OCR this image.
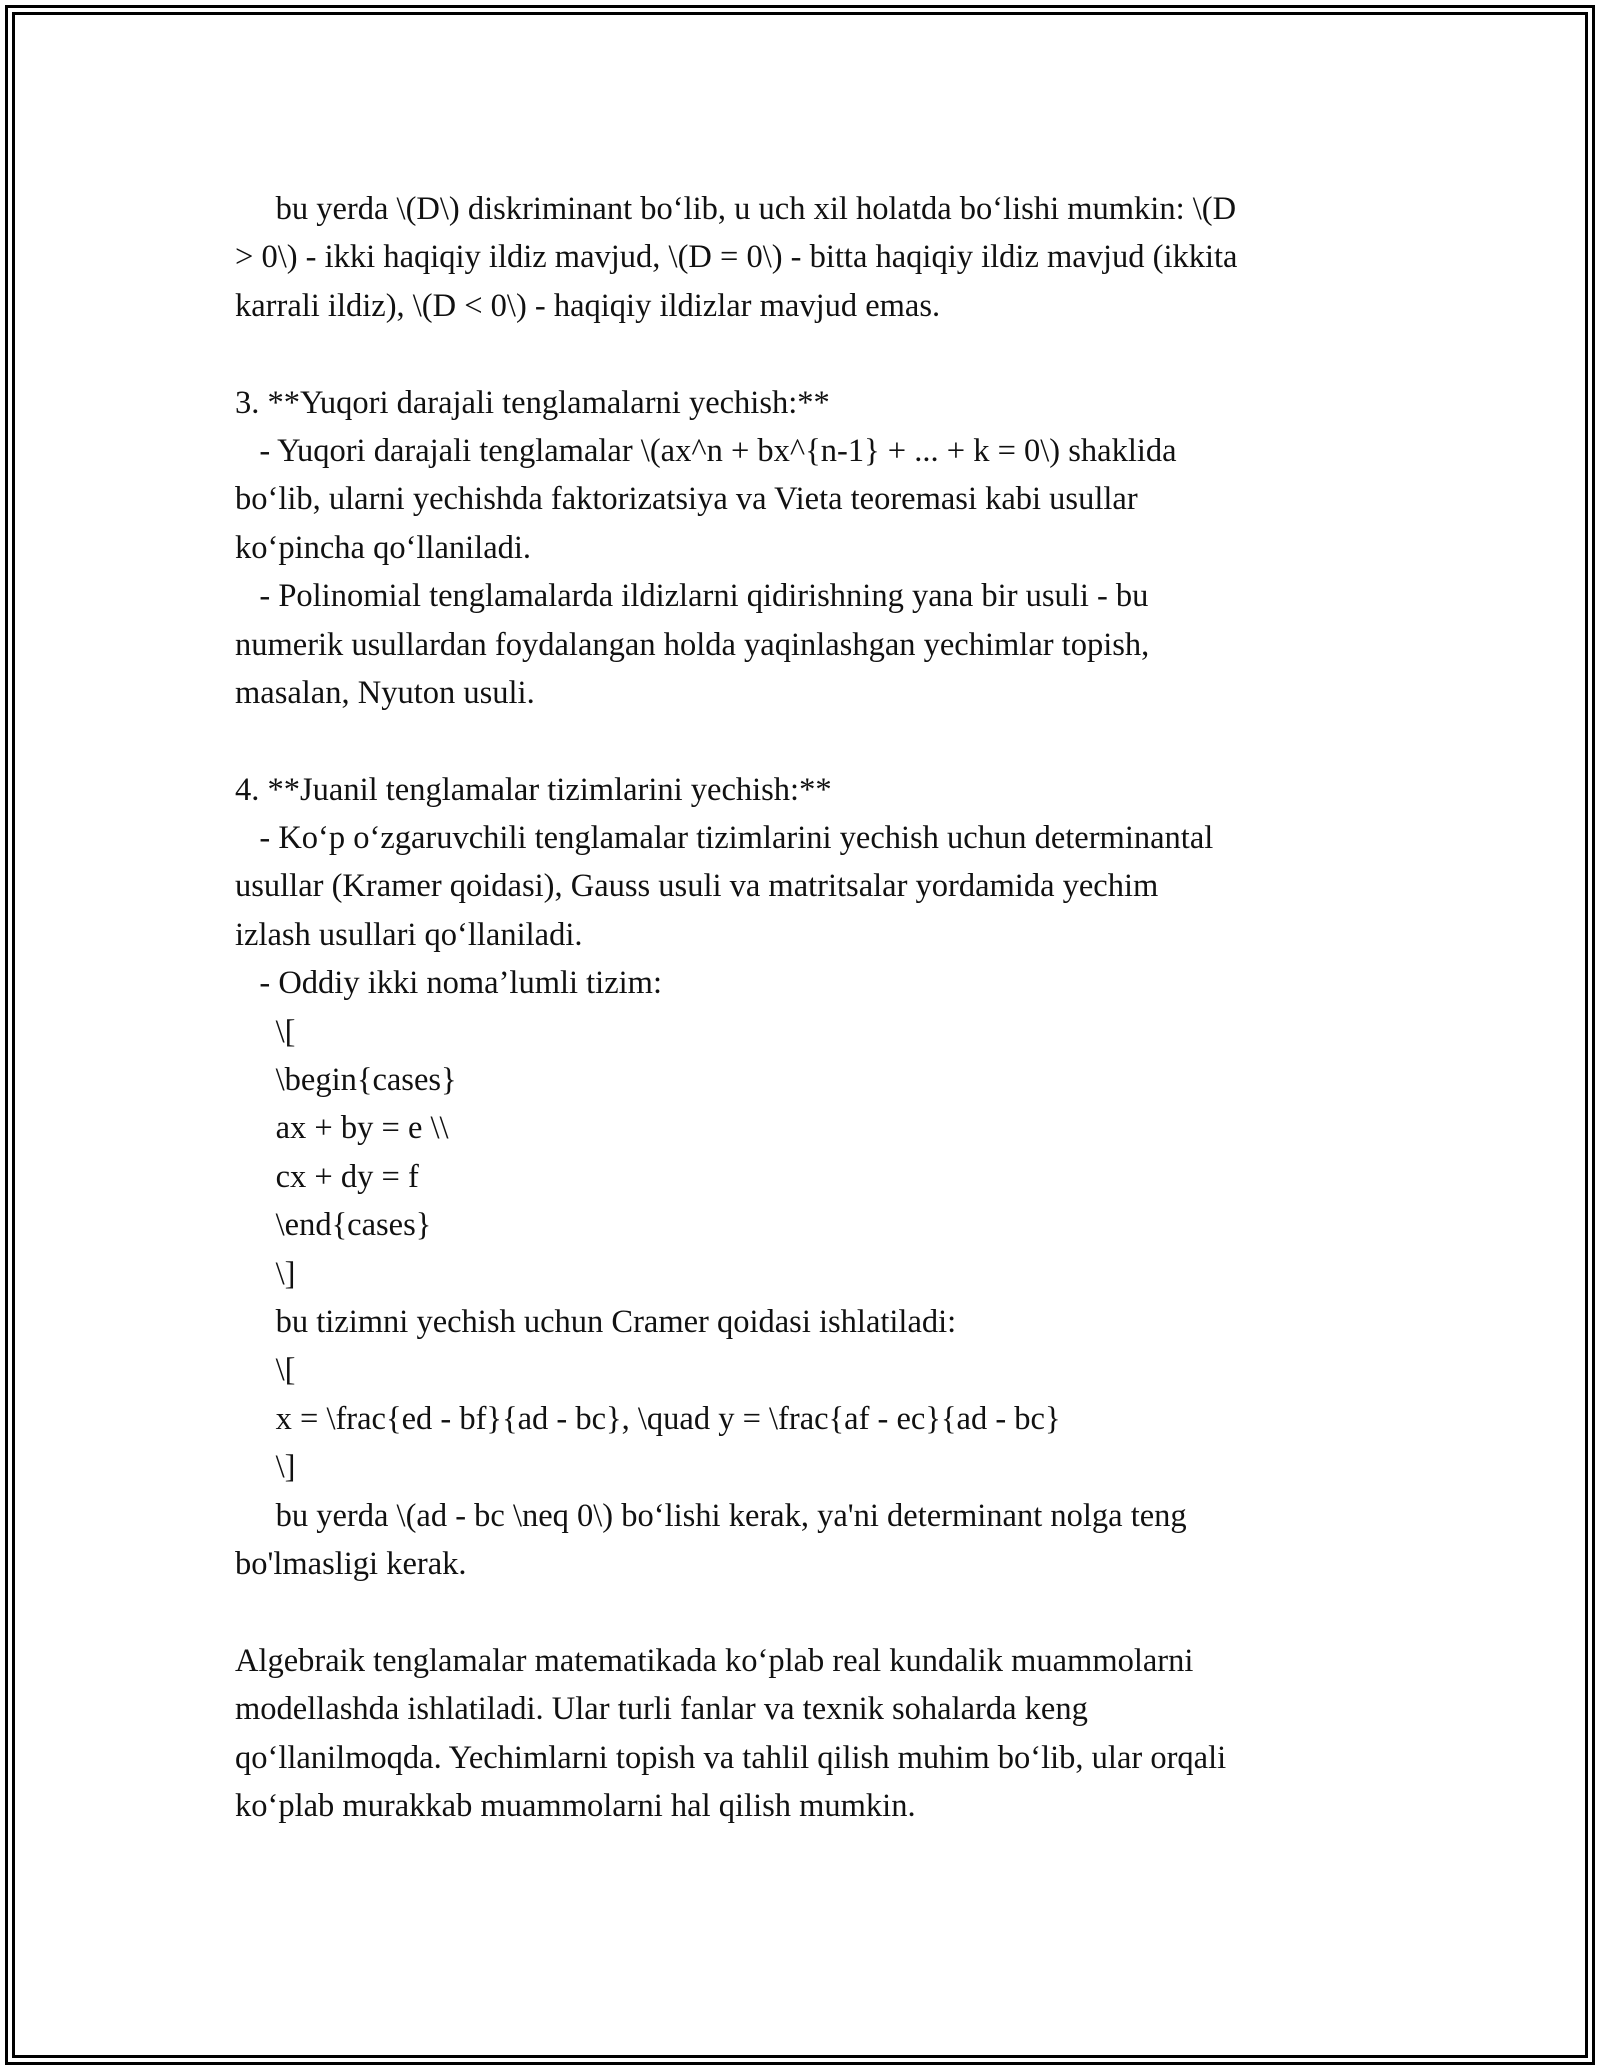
bu yerda \(D\) diskriminant bo‘lib, u uch xil holatda bo‘lishi mumkin: \(D
> 0\) - ikki haqiqiy ildiz mavjud, \(D = 0\) - bitta haqiqiy ildiz mavjud (ikkita
karrali ildiz), \(D < 0\) - haqiqiy ildizlar mavjud emas.
3. **Yuqori darajali tenglamalarni yechish:**
- Yuqori darajali tenglamalar \(ax^n + bx^{n-1} + ... + k = 0\) shaklida
bo‘lib, ularni yechishda faktorizatsiya va Vieta teoremasi kabi usullar
ko‘pincha qo‘llaniladi.
- Polinomial tenglamalarda ildizlarni qidirishning yana bir usuli - bu
numerik usullardan foydalangan holda yaqinlashgan yechimlar topish,
masalan, Nyuton usuli.
4. **Juanil tenglamalar tizimlarini yechish:**
- Ko‘p o‘zgaruvchili tenglamalar tizimlarini yechish uchun determinantal
usullar (Kramer qoidasi), Gauss usuli va matritsalar yordamida yechim
izlash usullari qo‘llaniladi.
- Oddiy ikki noma’lumli tizim:
\[
\begin{cases}
ax + by = e \\
cx + dy = f
\end{cases}
\]
bu tizimni yechish uchun Cramer qoidasi ishlatiladi:
\[
x = \frac{ed - bf}{ad - bc}, \quad y = \frac{af - ec}{ad - bc}
\]
bu yerda \(ad - bc \neq 0\) bo‘lishi kerak, ya'ni determinant nolga teng
bo'lmasligi kerak.
Algebraik tenglamalar matematikada ko‘plab real kundalik muammolarni
modellashda ishlatiladi. Ular turli fanlar va texnik sohalarda keng
qo‘llanilmoqda. Yechimlarni topish va tahlil qilish muhim bo‘lib, ular orqali
ko‘plab murakkab muammolarni hal qilish mumkin.
